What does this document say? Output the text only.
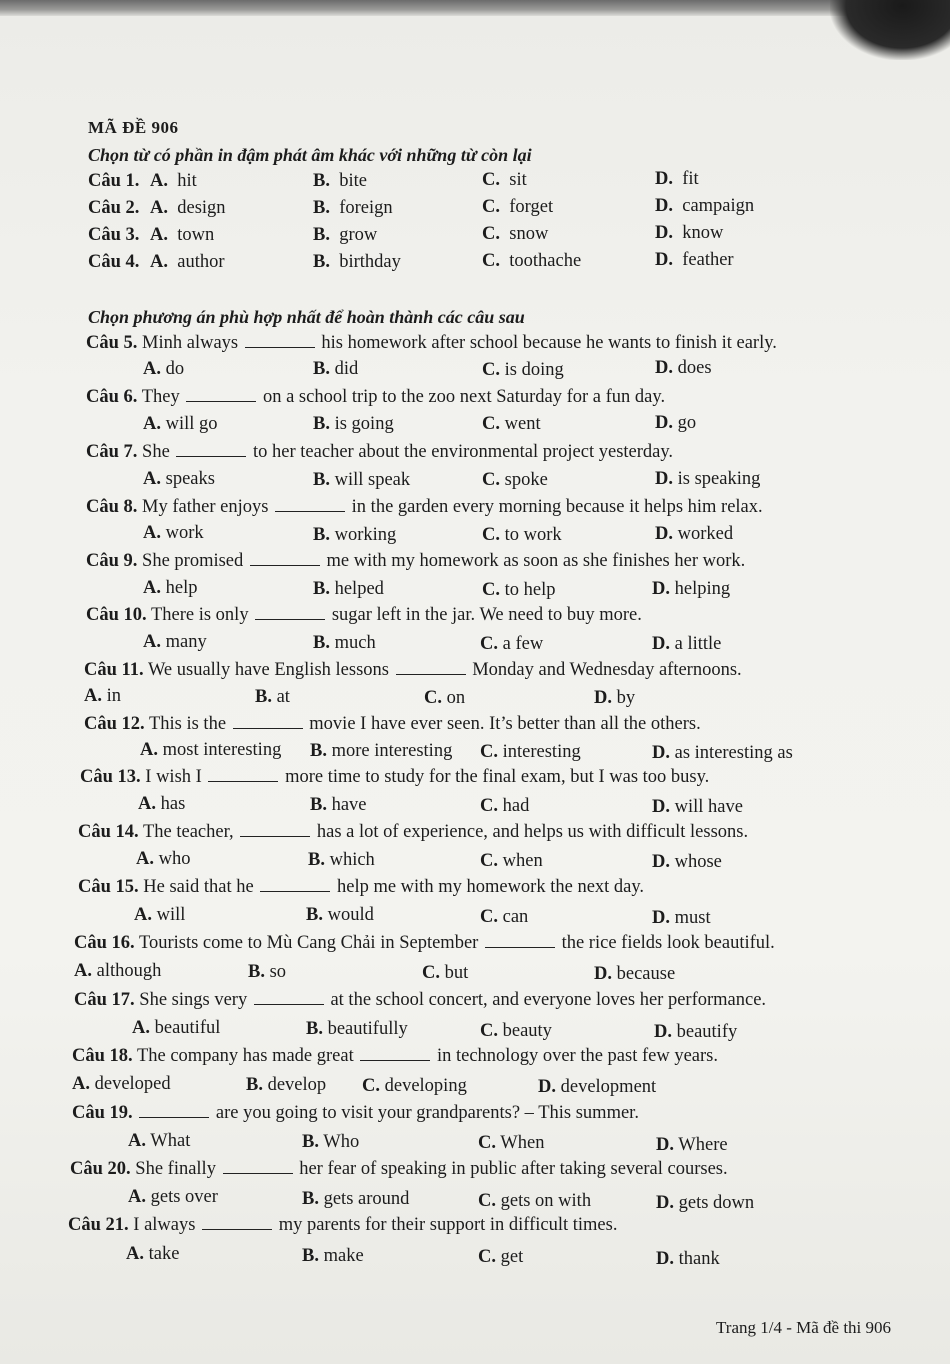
MÃ ĐỀ 906
Chọn từ có phần in đậm phát âm khác với những từ còn lại
Chọn phương án phù hợp nhất để hoàn thành các câu sau
Trang 1/4 - Mã đề thi 906
Câu 1. A. hit	B. bite	C. sit	D. fit
Câu 2. A. design	B. foreign	C. forget	D. campaign
Câu 3. A. town	B. grow	C. snow	D. know
Câu 4. A. author	B. birthday	C. toothache	D. feather
Câu 5. Minh always	his homework after school because he wants to finish it early.
A. do	B. did	C. is doing	D. does
Câu 6. They	on a school trip to the zoo next Saturday for a fun day.
A. will go	B. is going	C. went	D. go
Câu 7. She	to her teacher about the environmental project yesterday.
A. speaks	B. will speak	C. spoke	D. is speaking
Câu 8. My father enjoys	in the garden every morning because it helps him relax.
A. work	B. working	C. to work	D. worked
Câu 9. She promised	me with my homework as soon as she finishes her work.
A. help	B. helped	C. to help	D. helping
Câu 10. There is only	sugar left in the jar. We need to buy more.
A. many	B. much	C. a few	D. a little
Câu 11. We usually have English lessons	Monday and Wednesday afternoons.
A. in	B. at	C. on	D. by
Câu 12. This is the	movie I have ever seen. It’s better than all the others.
A. most interesting B. more interesting C. interesting	D. as interesting as
Câu 13. I wish I	more time to study for the final exam, but I was too busy.
A. has	B. have	C. had	D. will have
Câu 14. The teacher,	has a lot of experience, and helps us with difficult lessons.
A. who	B. which	C. when	D. whose
Câu 15. He said that he	help me with my homework the next day.
A. will	B. would	C. can	D. must
Câu 16. Tourists come to Mù Cang Chải in September	the rice fields look beautiful.
A. although	B. so	C. but	D. because
Câu 17. She sings very	at the school concert, and everyone loves her performance.
A. beautiful	B. beautifully	C. beauty	D. beautify
Câu 18. The company has made great	in technology over the past few years.
A. developed	B. develop C. developing	D. development
Câu 19.	are you going to visit your grandparents? – This summer.
A. What	B. Who	C. When	D. Where
Câu 20. She finally	her fear of speaking in public after taking several courses.
A. gets over	B. gets around	C. gets on with	D. gets down
Câu 21. I always	my parents for their support in difficult times.
A. take	B. make	C. get	D. thank
